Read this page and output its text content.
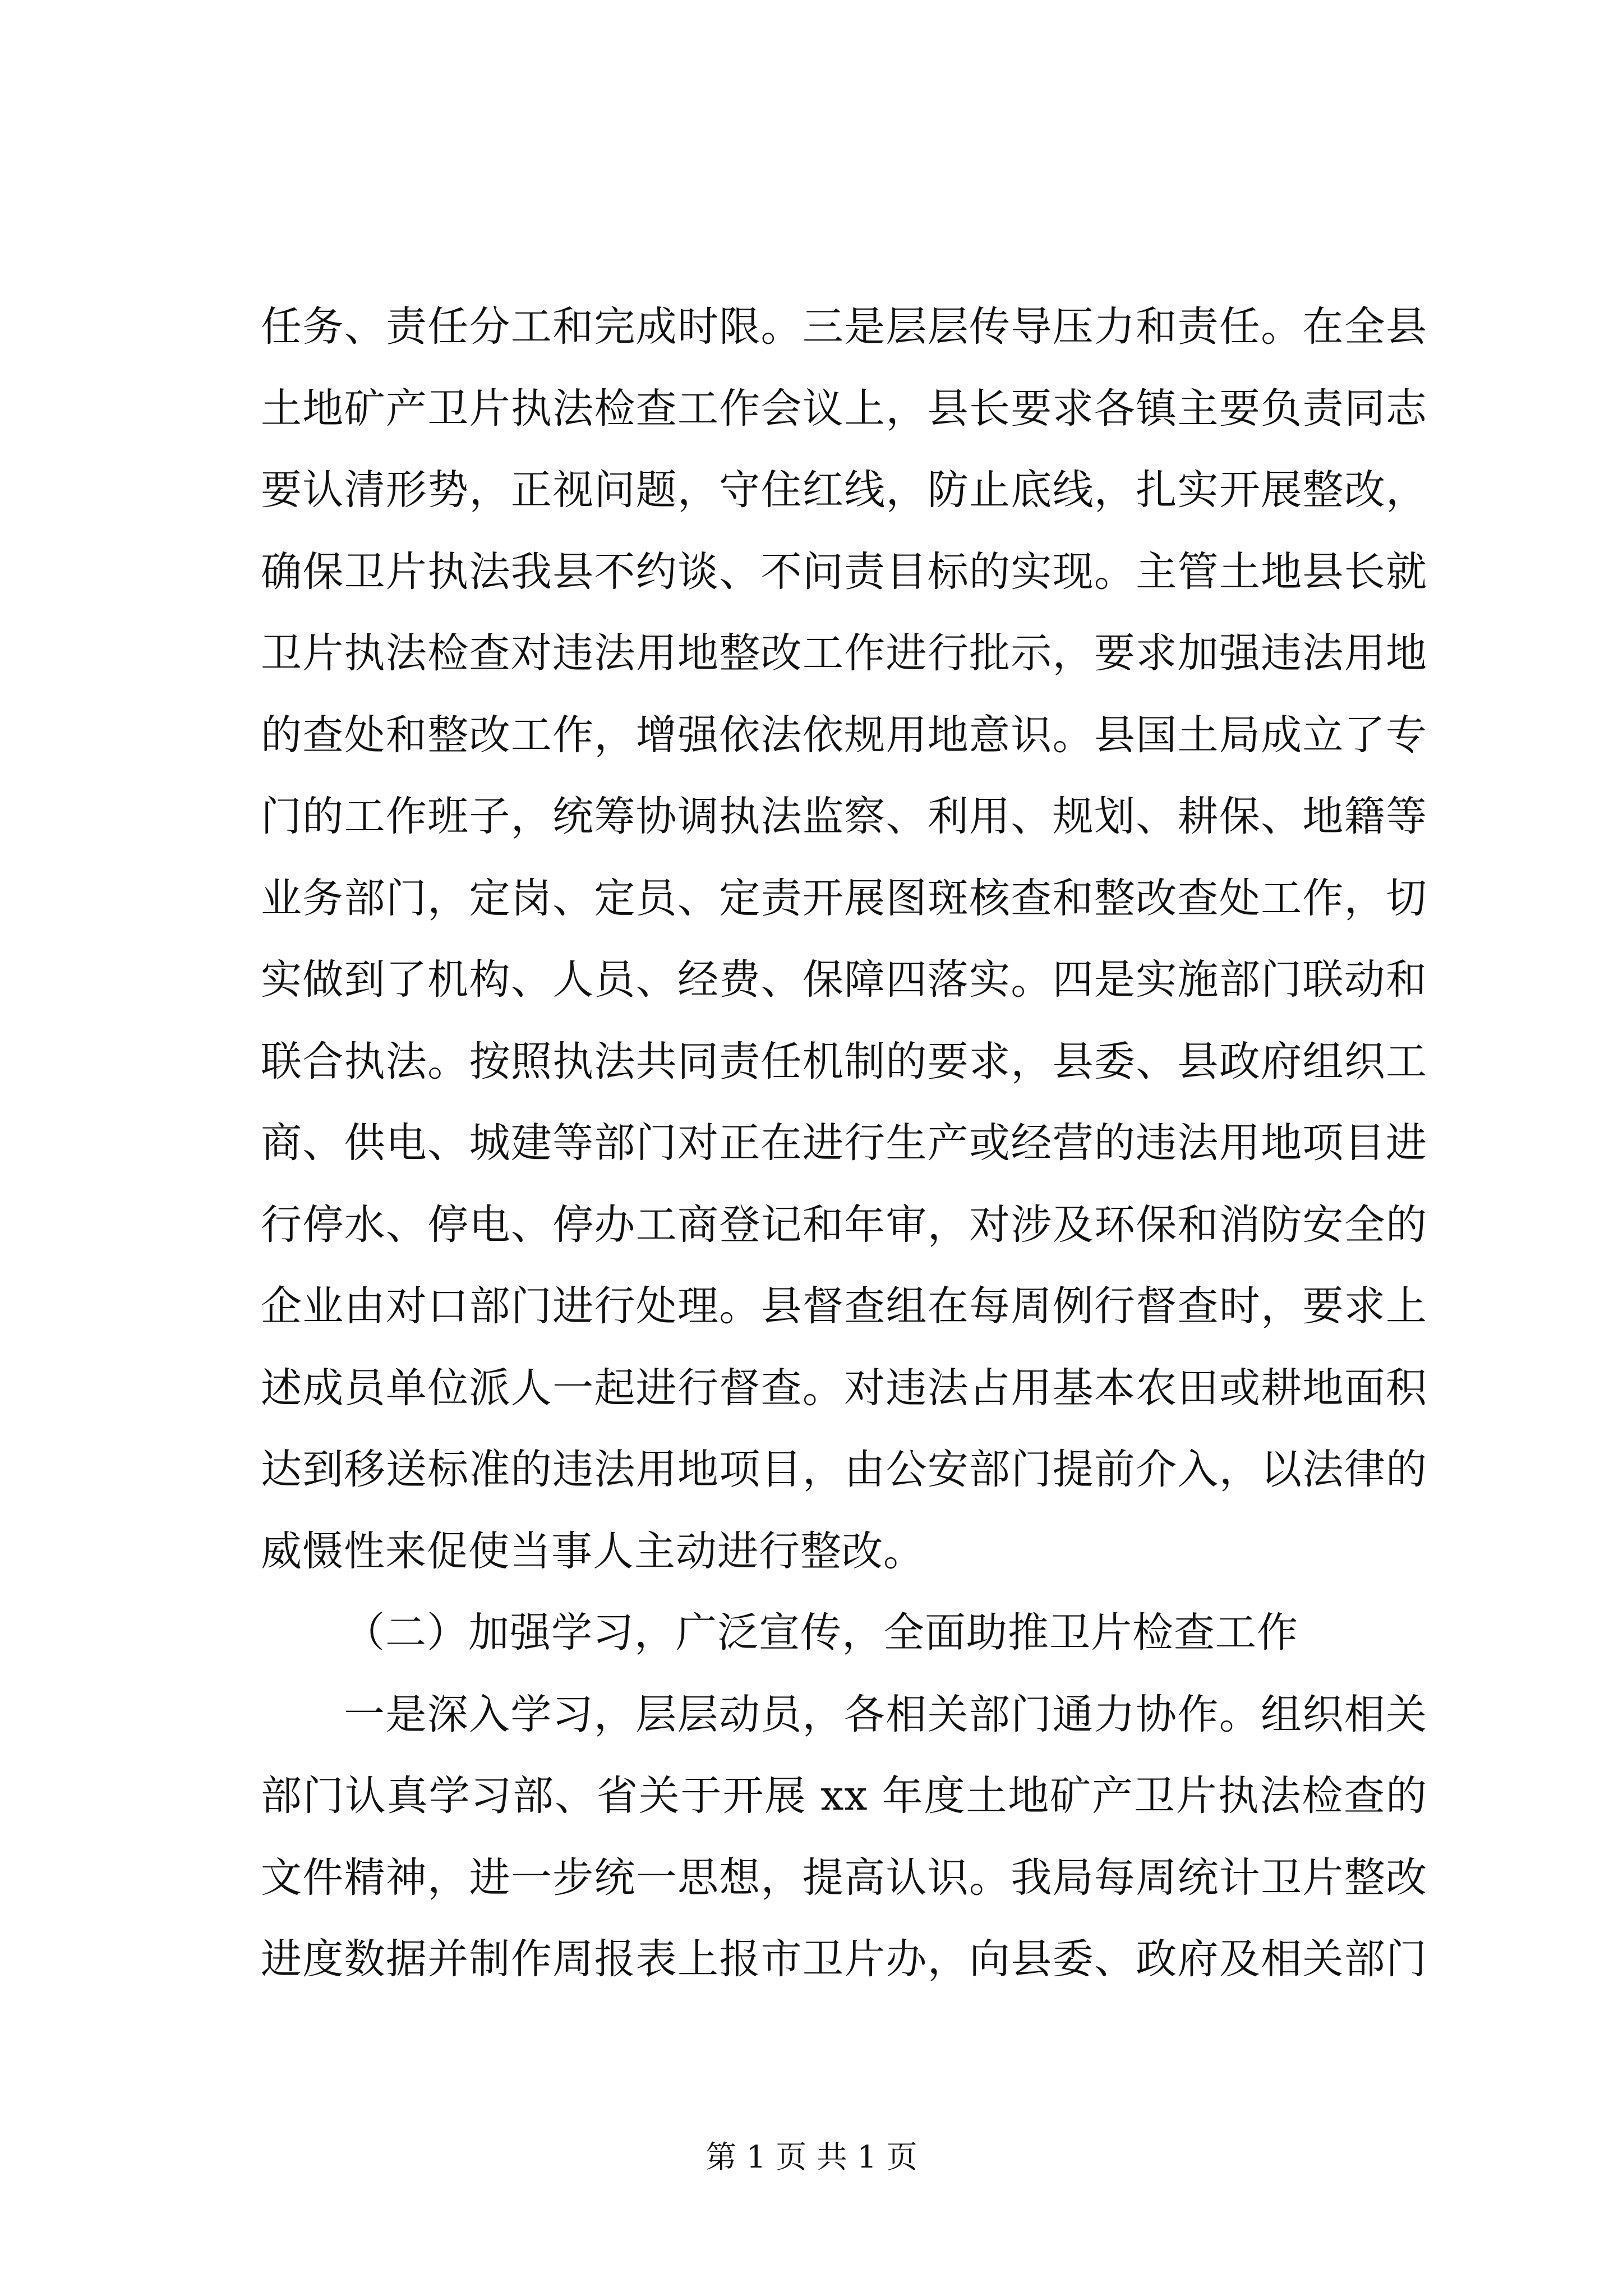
任务、责任分工和完成时限。三是层层传导压力和责任。在全县
土地矿产卫片执法检查工作会议上，县长要求各镇主要负责同志
要认清形势，正视问题，守住红线，防止底线，扎实开展整改，
确保卫片执法我县不约谈、不问责目标的实现。主管土地县长就
卫片执法检查对违法用地整改工作进行批示，要求加强违法用地
的查处和整改工作，增强依法依规用地意识。县国土局成立了专
门的工作班子，统筹协调执法监察、利用、规划、耕保、地籍等
业务部门，定岗、定员、定责开展图斑核查和整改查处工作，切
实做到了机构、人员、经费、保障四落实。四是实施部门联动和
联合执法。按照执法共同责任机制的要求，县委、县政府组织工
商、供电、城建等部门对正在进行生产或经营的违法用地项目进
行停水、停电、停办工商登记和年审，对涉及环保和消防安全的
企业由对口部门进行处理。县督查组在每周例行督查时，要求上
述成员单位派人一起进行督查。对违法占用基本农田或耕地面积
达到移送标准的违法用地项目，由公安部门提前介入，以法律的
威慑性来促使当事人主动进行整改。
（二）加强学习，广泛宣传，全面助推卫片检查工作
一是深入学习，层层动员，各相关部门通力协作。组织相关
部门认真学习部、省关于开展 xx 年度土地矿产卫片执法检查的
文件精神，进一步统一思想，提高认识。我局每周统计卫片整改
进度数据并制作周报表上报市卫片办，向县委、政府及相关部门
第 1 页 共 1 页
